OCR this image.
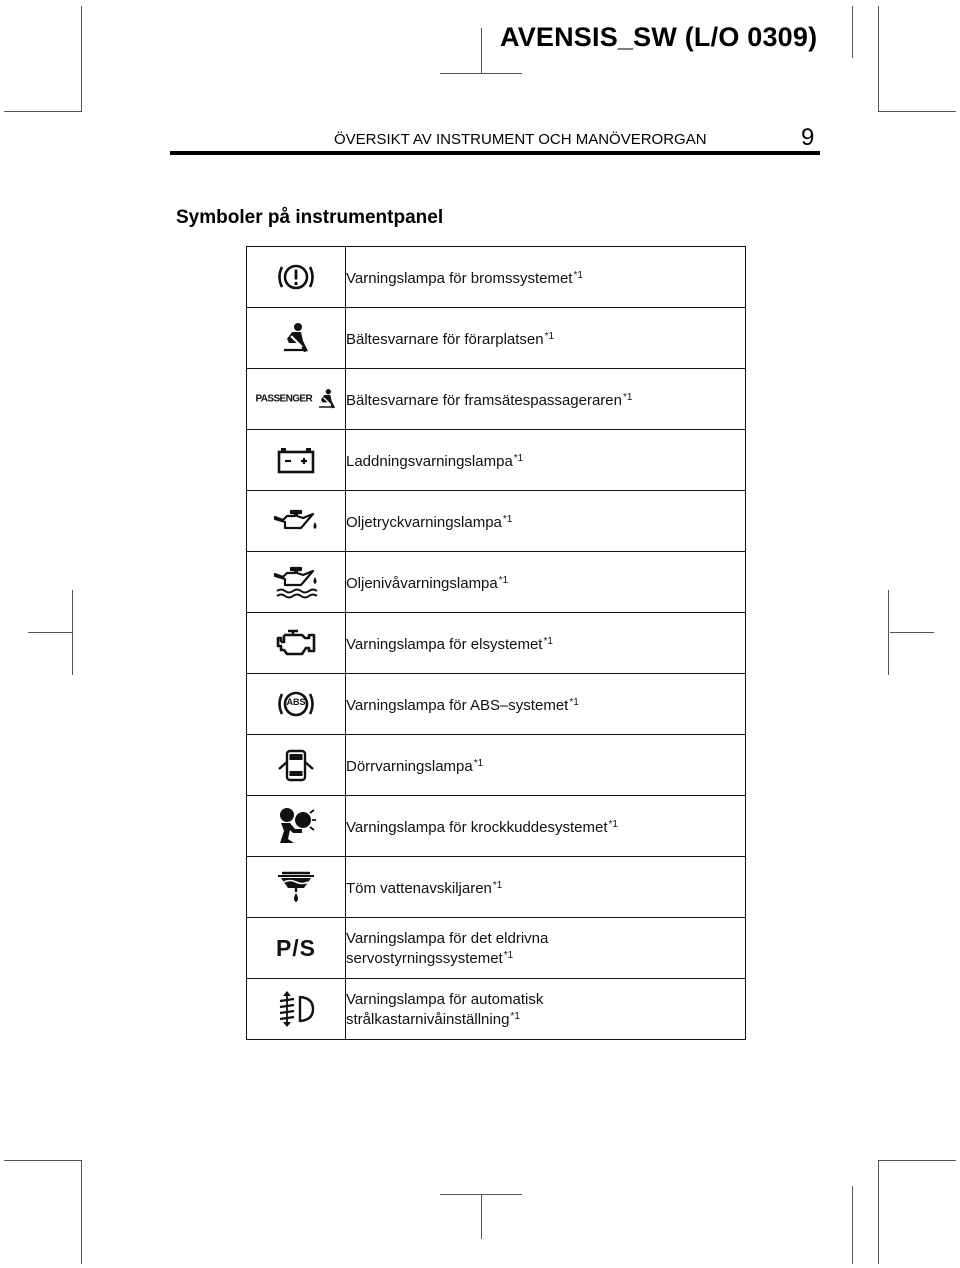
AVENSIS_SW (L/O 0309)
ÖVERSIKT AV INSTRUMENT OCH MANÖVERORGAN	9
Symboler på instrumentpanel
	Varningslampa för bromssystemet$^{*1}$
	Bältesvarnare för förarplatsen$^{*1}$
PASSENGER	Bältesvarnare för framsätespassageraren$^{*1}$
	Laddningsvarningslampa$^{*1}$
	Oljetryckvarningslampa$^{*1}$
	Oljenivåvarningslampa$^{*1}$
	Varningslampa för elsystemet$^{*1}$

ABS	Varningslampa för ABS–systemet$^{*1}$
	Dörrvarningslampa$^{*1}$
	Varningslampa för krockkuddesystemet$^{*1}$
	Töm vattenavskiljaren$^{*1}$
P/S	Varningslampa för det eldrivna
servostyrningssystemet$^{*1}$
	Varningslampa för automatisk
strålkastarnivåinställning$^{*1}$
